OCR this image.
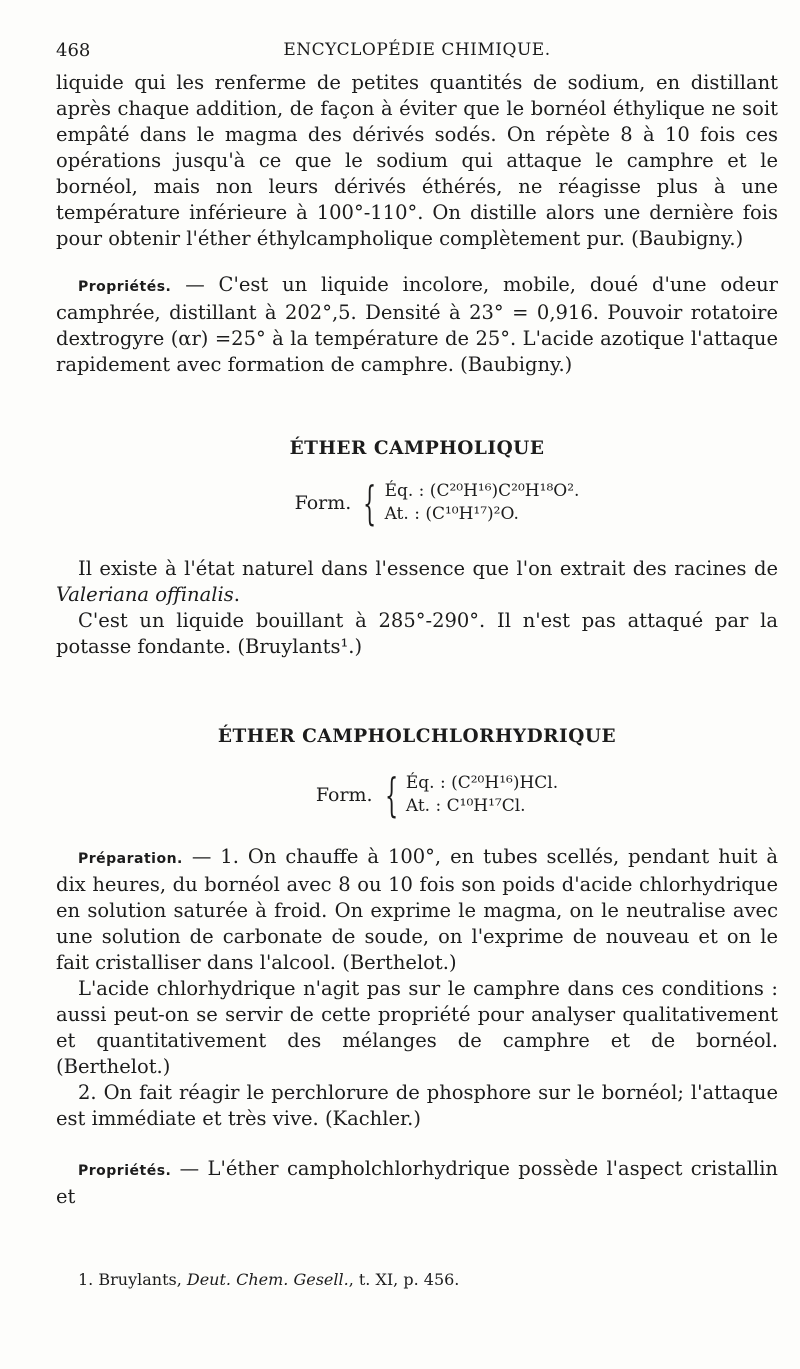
468	ENCYCLOPÉDIE CHIMIQUE.

liquide qui les renferme de petites quantités de sodium, en distillant après chaque addition, de façon à éviter que le bornéol éthylique ne soit empâté dans le magma des dérivés sodés. On répète 8 à 10 fois ces opérations jusqu'à ce que le sodium qui attaque le camphre et le bornéol, mais non leurs dérivés éthérés, ne réagisse plus à une température inférieure à 100°-110°. On distille alors une dernière fois pour obtenir l'éther éthylcampholique complètement pur. (Baubigny.)

Propriétés. — C'est un liquide incolore, mobile, doué d'une odeur camphrée, distillant à 202°,5. Densité à 23° = 0,916. Pouvoir rotatoire dextrogyre (αr) =25° à la température de 25°. L'acide azotique l'attaque rapidement avec formation de camphre. (Baubigny.)

ÉTHER CAMPHOLIQUE
Form. { Éq. : (C²⁰H¹⁶)C²⁰H¹⁸O².
At. : (C¹⁰H¹⁷)²O.

Il existe à l'état naturel dans l'essence que l'on extrait des racines de Valeriana offinalis.

C'est un liquide bouillant à 285°-290°. Il n'est pas attaqué par la potasse fondante. (Bruylants¹.)

ÉTHER CAMPHOLCHLORHYDRIQUE
Form. { Éq. : (C²⁰H¹⁶)HCl.
At. : C¹⁰H¹⁷Cl.

Préparation. — 1. On chauffe à 100°, en tubes scellés, pendant huit à dix heures, du bornéol avec 8 ou 10 fois son poids d'acide chlorhydrique en solution saturée à froid. On exprime le magma, on le neutralise avec une solution de carbonate de soude, on l'exprime de nouveau et on le fait cristalliser dans l'alcool. (Berthelot.)

L'acide chlorhydrique n'agit pas sur le camphre dans ces conditions : aussi peut-on se servir de cette propriété pour analyser qualitativement et quantitativement des mélanges de camphre et de bornéol. (Berthelot.)

2. On fait réagir le perchlorure de phosphore sur le bornéol; l'attaque est immédiate et très vive. (Kachler.)

Propriétés. — L'éther campholchlorhydrique possède l'aspect cristallin et

1. Bruylants, Deut. Chem. Gesell., t. XI, p. 456.
